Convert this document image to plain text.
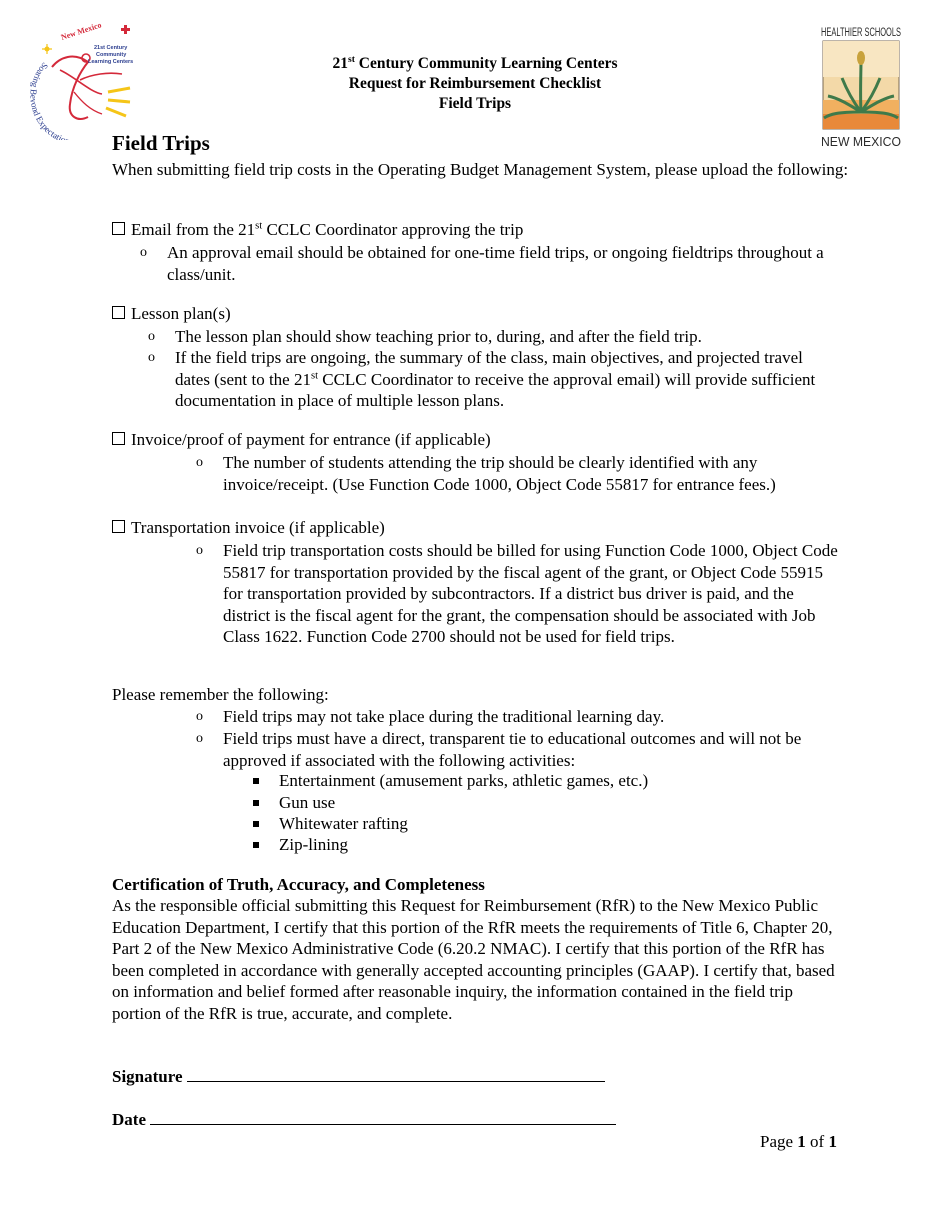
New Mexico
21st Century
Community
Learning Centers
Soaring ond Expectatio
HEALTHIER SCHOOLS
NEW MEXICO
21st Century Community Learning Centers
Request for Reimbursement Checklist
Field Trips
Field Trips
When submitting field trip costs in the Operating Budget Management System, please upload the following:
Email from the 21st CCLC Coordinator approving the trip
o An approval email should be obtained for one-time field trips, or ongoing fieldtrips throughout a class/unit.
Lesson plan(s)
o The lesson plan should show teaching prior to, during, and after the field trip.
o If the field trips are ongoing, the summary of the class, main objectives, and projected travel dates (sent to the 21st CCLC Coordinator to receive the approval email) will provide sufficient documentation in place of multiple lesson plans.
Invoice/proof of payment for entrance (if applicable)
o The number of students attending the trip should be clearly identified with any invoice/receipt. (Use Function Code 1000, Object Code 55817 for entrance fees.)
Transportation invoice (if applicable)
o Field trip transportation costs should be billed for using Function Code 1000, Object Code 55817 for transportation provided by the fiscal agent of the grant, or Object Code 55915 for transportation provided by subcontractors. If a district bus driver is paid, and the district is the fiscal agent for the grant, the compensation should be associated with Job Class 1622. Function Code 2700 should not be used for field trips.
Please remember the following:
o Field trips may not take place during the traditional learning day.
o Field trips must have a direct, transparent tie to educational outcomes and will not be approved if associated with the following activities:
Entertainment (amusement parks, athletic games, etc.)
Gun use
Whitewater rafting
Zip-lining
Certification of Truth, Accuracy, and Completeness
As the responsible official submitting this Request for Reimbursement (RfR) to the New Mexico Public Education Department, I certify that this portion of the RfR meets the requirements of Title 6, Chapter 20, Part 2 of the New Mexico Administrative Code (6.20.2 NMAC). I certify that this portion of the RfR has been completed in accordance with generally accepted accounting principles (GAAP). I certify that, based on information and belief formed after reasonable inquiry, the information contained in the field trip portion of the RfR is true, accurate, and complete.
Signature
Date
Page 1 of 1
